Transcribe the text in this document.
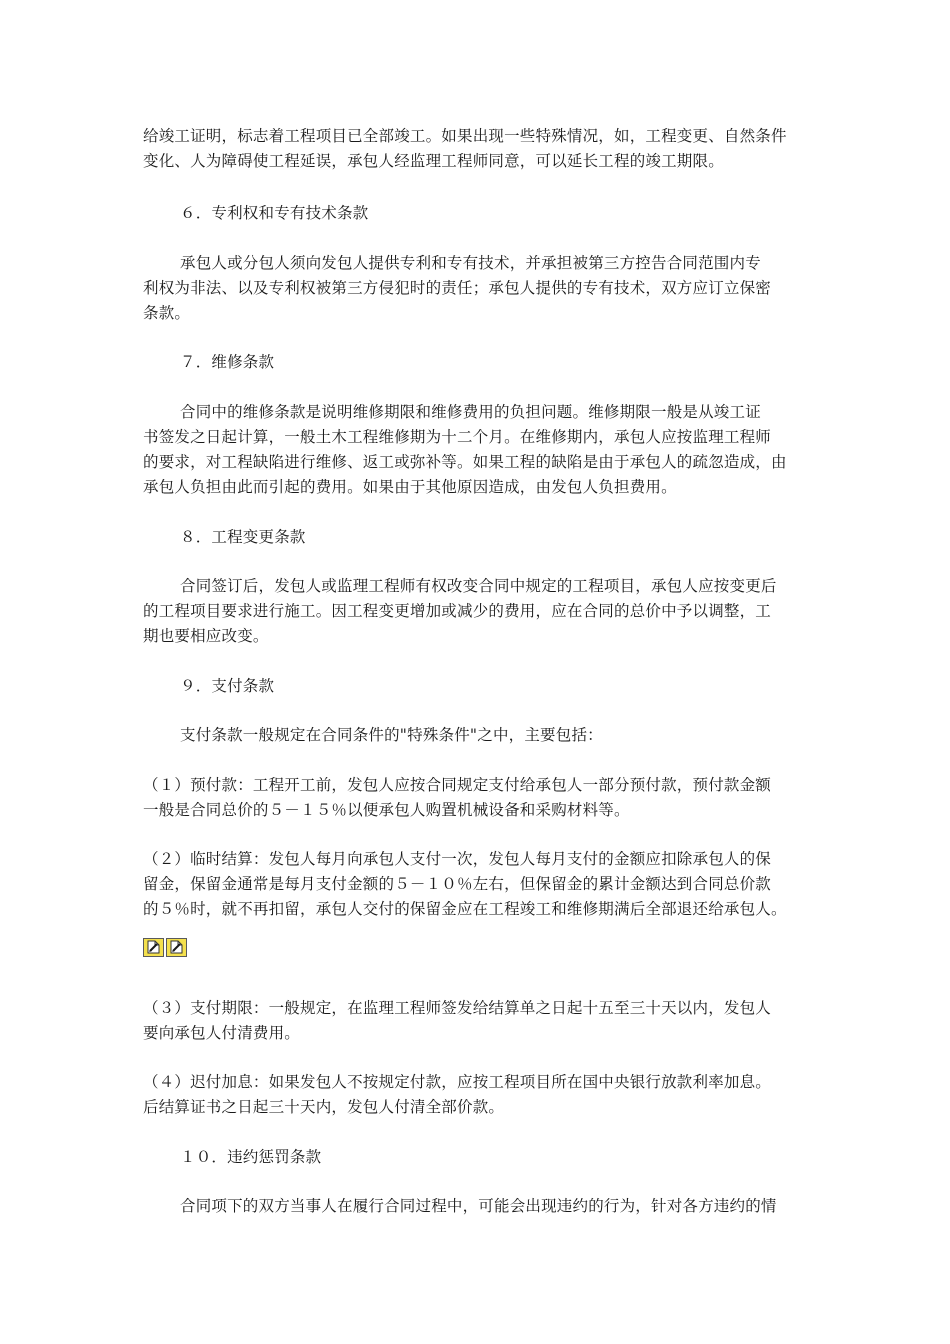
给竣工证明，标志着工程项目已全部竣工。如果出现一些特殊情况，如，工程变更、自然条件
变化、人为障碍使工程延误，承包人经监理工程师同意，可以延长工程的竣工期限。
６．专利权和专有技术条款
承包人或分包人须向发包人提供专利和专有技术，并承担被第三方控告合同范围内专
利权为非法、以及专利权被第三方侵犯时的责任；承包人提供的专有技术，双方应订立保密
条款。
７．维修条款
合同中的维修条款是说明维修期限和维修费用的负担问题。维修期限一般是从竣工证
书签发之日起计算，一般土木工程维修期为十二个月。在维修期内，承包人应按监理工程师
的要求，对工程缺陷进行维修、返工或弥补等。如果工程的缺陷是由于承包人的疏忽造成，由
承包人负担由此而引起的费用。如果由于其他原因造成，由发包人负担费用。
８．工程变更条款
合同签订后，发包人或监理工程师有权改变合同中规定的工程项目，承包人应按变更后
的工程项目要求进行施工。因工程变更增加或减少的费用，应在合同的总价中予以调整，工
期也要相应改变。
９．支付条款
支付条款一般规定在合同条件的"特殊条件"之中，主要包括：
（１）预付款：工程开工前，发包人应按合同规定支付给承包人一部分预付款，预付款金额
一般是合同总价的５－１５％以便承包人购置机械设备和采购材料等。
（２）临时结算：发包人每月向承包人支付一次，发包人每月支付的金额应扣除承包人的保
留金，保留金通常是每月支付金额的５－１０％左右，但保留金的累计金额达到合同总价款
的５％时，就不再扣留，承包人交付的保留金应在工程竣工和维修期满后全部退还给承包人。
（３）支付期限：一般规定，在监理工程师签发给结算单之日起十五至三十天以内，发包人
要向承包人付清费用。
（４）迟付加息：如果发包人不按规定付款，应按工程项目所在国中央银行放款利率加息。
后结算证书之日起三十天内，发包人付清全部价款。
１０．违约惩罚条款
合同项下的双方当事人在履行合同过程中，可能会出现违约的行为，针对各方违约的情
